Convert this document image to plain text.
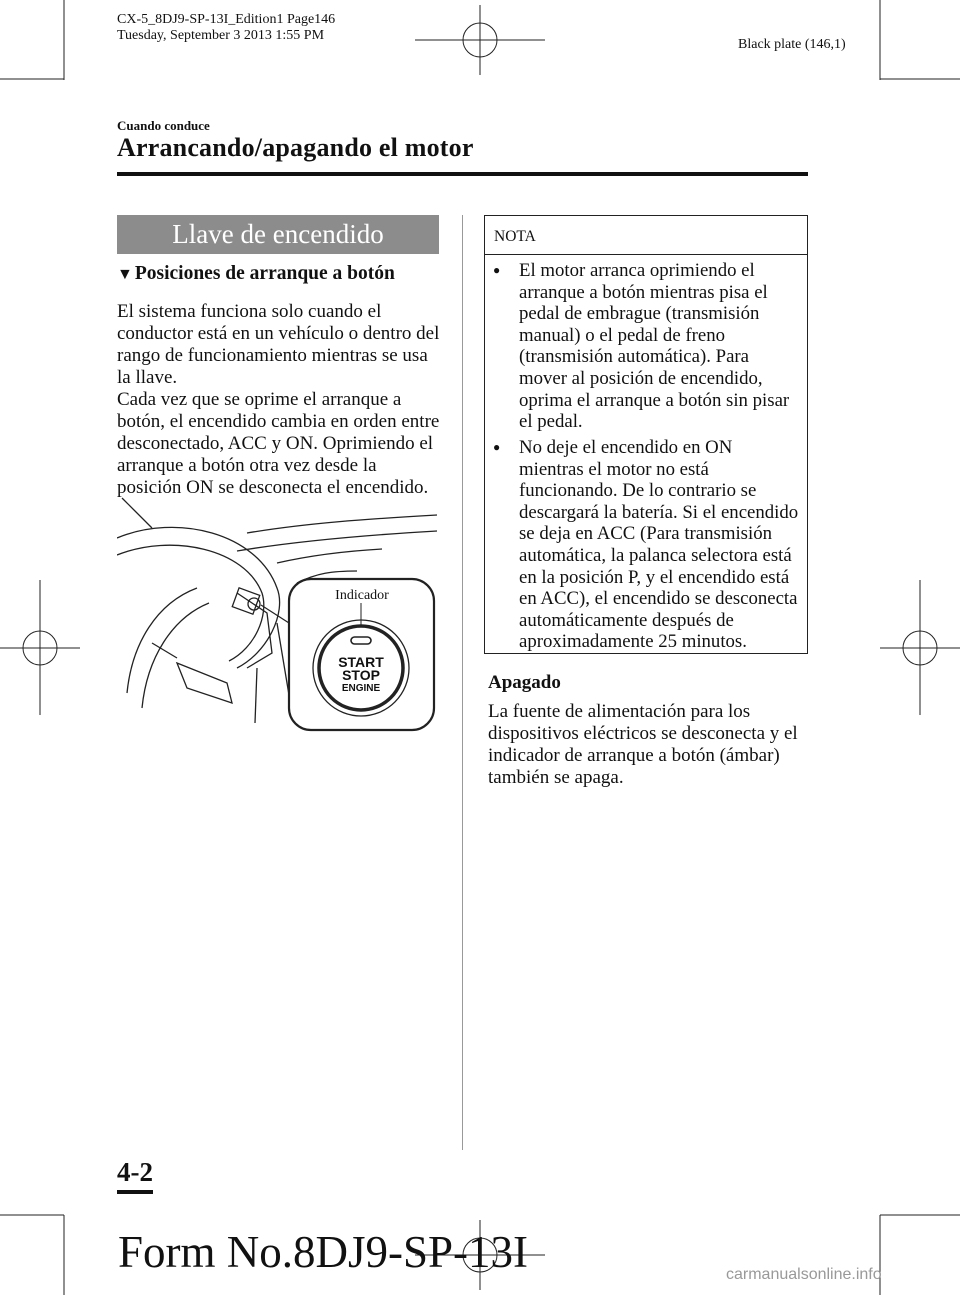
CX-5_8DJ9-SP-13I_Edition1 Page146
Tuesday, September 3 2013 1:55 PM
Black plate (146,1)
Cuando conduce
Arrancando/apagando el motor
Llave de encendido
▼ Posiciones de arranque a botón
El sistema funciona solo cuando el
conductor está en un vehículo o dentro del
rango de funcionamiento mientras se usa
la llave.
Cada vez que se oprime el arranque a
botón, el encendido cambia en orden entre
desconectado, ACC y ON. Oprimiendo el
arranque a botón otra vez desde la
posición ON se desconecta el encendido.
Indicador
START
STOP
ENGINE
NOTA
● El motor arranca oprimiendo el
arranque a botón mientras pisa el
pedal de embrague (transmisión
manual) o el pedal de freno
(transmisión automática). Para
mover al posición de encendido,
oprima el arranque a botón sin pisar
el pedal.
● No deje el encendido en ON
mientras el motor no está
funcionando. De lo contrario se
descargará la batería. Si el encendido
se deja en ACC (Para transmisión
automática, la palanca selectora está
en la posición P, y el encendido está
en ACC), el encendido se desconecta
automáticamente después de
aproximadamente 25 minutos.
Apagado
La fuente de alimentación para los
dispositivos eléctricos se desconecta y el
indicador de arranque a botón (ámbar)
también se apaga.
4-2
Form No.8DJ9-SP-13I	carmanualsonline.info
